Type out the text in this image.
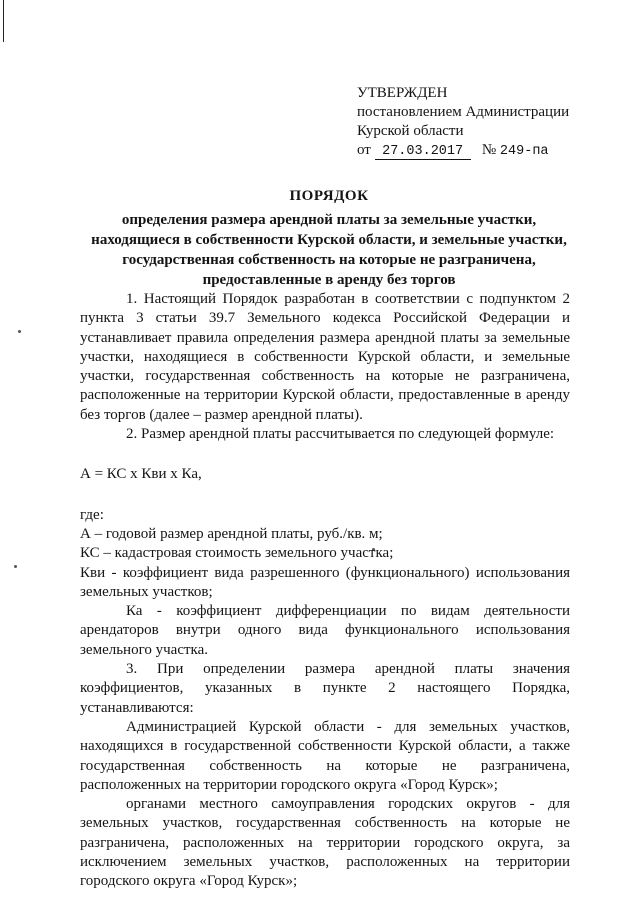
УТВЕРЖДЕН
постановлением Администрации
Курской области
от 27.03.2017 № 249-па
ПОРЯДОК
определения размера арендной платы за земельные участки, находящиеся в собственности Курской области, и земельные участки, государственная собственность на которые не разграничена, предоставленные в аренду без торгов

1. Настоящий Порядок разработан в соответствии с подпунктом 2 пункта 3 статьи 39.7 Земельного кодекса Российской Федерации и устанавливает правила определения размера арендной платы за земельные участки, находящиеся в собственности Курской области, и земельные участки, государственная собственность на которые не разграничена, расположенные на территории Курской области, предоставленные в аренду без торгов (далее – размер арендной платы).

2. Размер арендной платы рассчитывается по следующей формуле:

А = КС х Кви х Ка,

где:

А – годовой размер арендной платы, руб./кв. м;

КС – кадастровая стоимость земельного участка;

Кви - коэффициент вида разрешенного (функционального) использования земельных участков;

Ка - коэффициент дифференциации по видам деятельности арендаторов внутри одного вида функционального использования земельного участка.

3. При определении размера арендной платы значения коэффициентов, указанных в пункте 2 настоящего Порядка, устанавливаются:

Администрацией Курской области - для земельных участков, находящихся в государственной собственности Курской области, а также государственная собственность на которые не разграничена, расположенных на территории городского округа «Город Курск»;

органами местного самоуправления городских округов - для земельных участков, государственная собственность на которые не разграничена, расположенных на территории городского округа, за исключением земельных участков, расположенных на территории городского округа «Город Курск»;
